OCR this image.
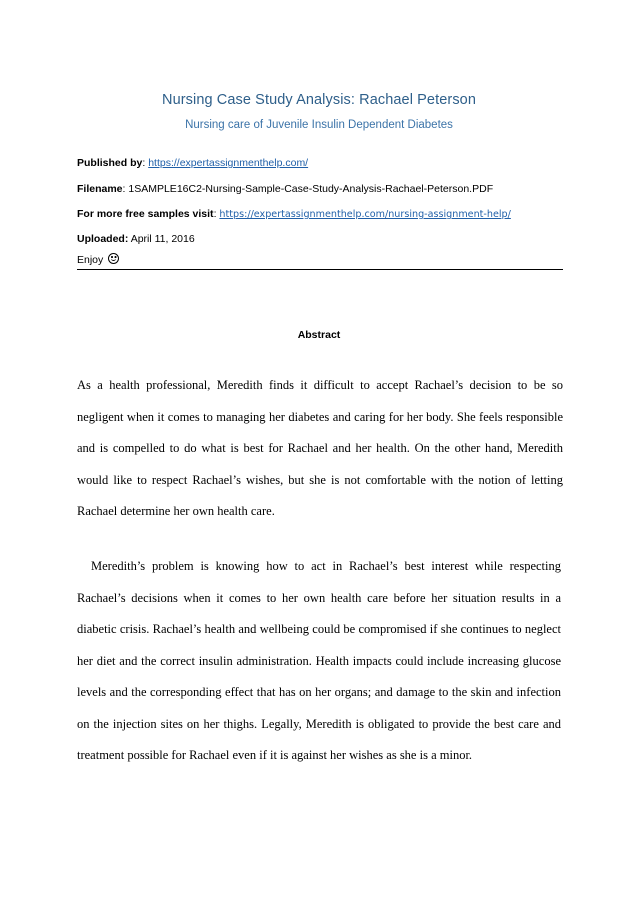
Nursing Case Study Analysis: Rachael Peterson
Nursing care of Juvenile Insulin Dependent Diabetes
Published by: https://expertassignmenthelp.com/
Filename: 1SAMPLE16C2-Nursing-Sample-Case-Study-Analysis-Rachael-Peterson.PDF
For more free samples visit: https://expertassignmenthelp.com/nursing-assignment-help/
Uploaded: April 11, 2016
Enjoy
Abstract
As a health professional, Meredith finds it difficult to accept Rachael’s decision to be so negligent when it comes to managing her diabetes and caring for her body. She feels responsible and is compelled to do what is best for Rachael and her health. On the other hand, Meredith would like to respect Rachael’s wishes, but she is not comfortable with the notion of letting Rachael determine her own health care.
Meredith’s problem is knowing how to act in Rachael’s best interest while respecting Rachael’s decisions when it comes to her own health care before her situation results in a diabetic crisis. Rachael’s health and wellbeing could be compromised if she continues to neglect her diet and the correct insulin administration. Health impacts could include increasing glucose levels and the corresponding effect that has on her organs; and damage to the skin and infection on the injection sites on her thighs. Legally, Meredith is obligated to provide the best care and treatment possible for Rachael even if it is against her wishes as she is a minor.
